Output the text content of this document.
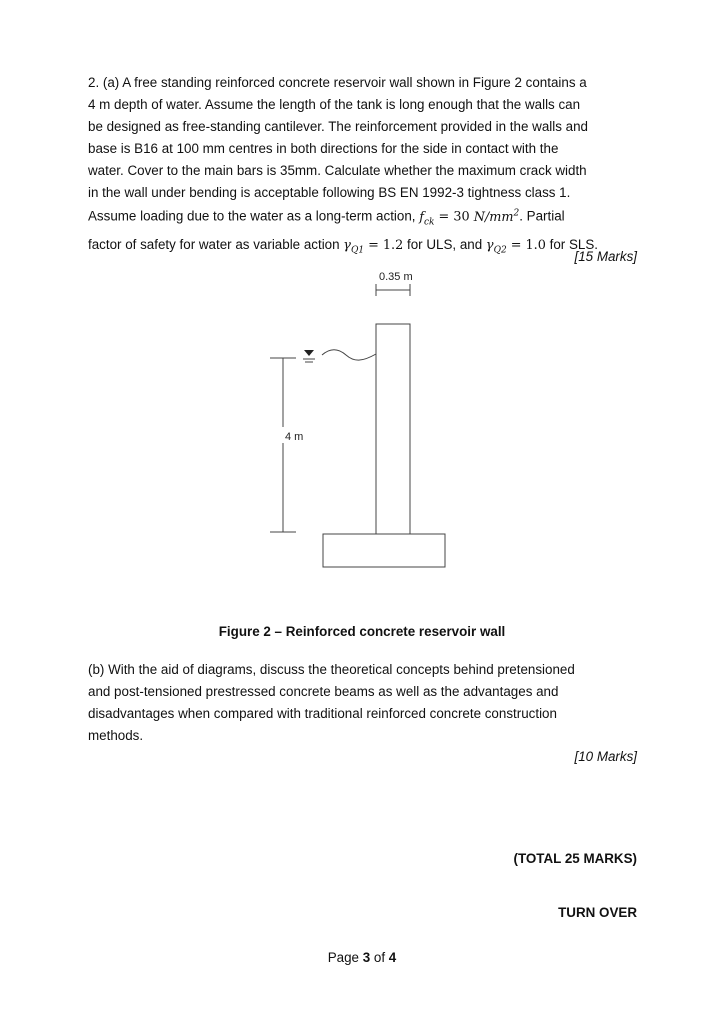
2. (a) A free standing reinforced concrete reservoir wall shown in Figure 2 contains a
4 m depth of water. Assume the length of the tank is long enough that the walls can
be designed as free-standing cantilever. The reinforcement provided in the walls and
base is B16 at 100 mm centres in both directions for the side in contact with the
water. Cover to the main bars is 35mm. Calculate whether the maximum crack width
in the wall under bending is acceptable following BS EN 1992-3 tightness class 1.
Assume loading due to the water as a long-term action, $f_{ck} = 30$ $N/mm^2$. Partial
factor of safety for water as variable action $\gamma_{Q1} = 1.2$ for ULS, and $\gamma_{Q2} = 1.0$ for SLS.
[15 Marks]
0.35 m
4 m
Figure 2 – Reinforced concrete reservoir wall
(b) With the aid of diagrams, discuss the theoretical concepts behind pretensioned
and post-tensioned prestressed concrete beams as well as the advantages and
disadvantages when compared with traditional reinforced concrete construction
methods.
[10 Marks]
(TOTAL 25 MARKS)
TURN OVER
Page 3 of 4
